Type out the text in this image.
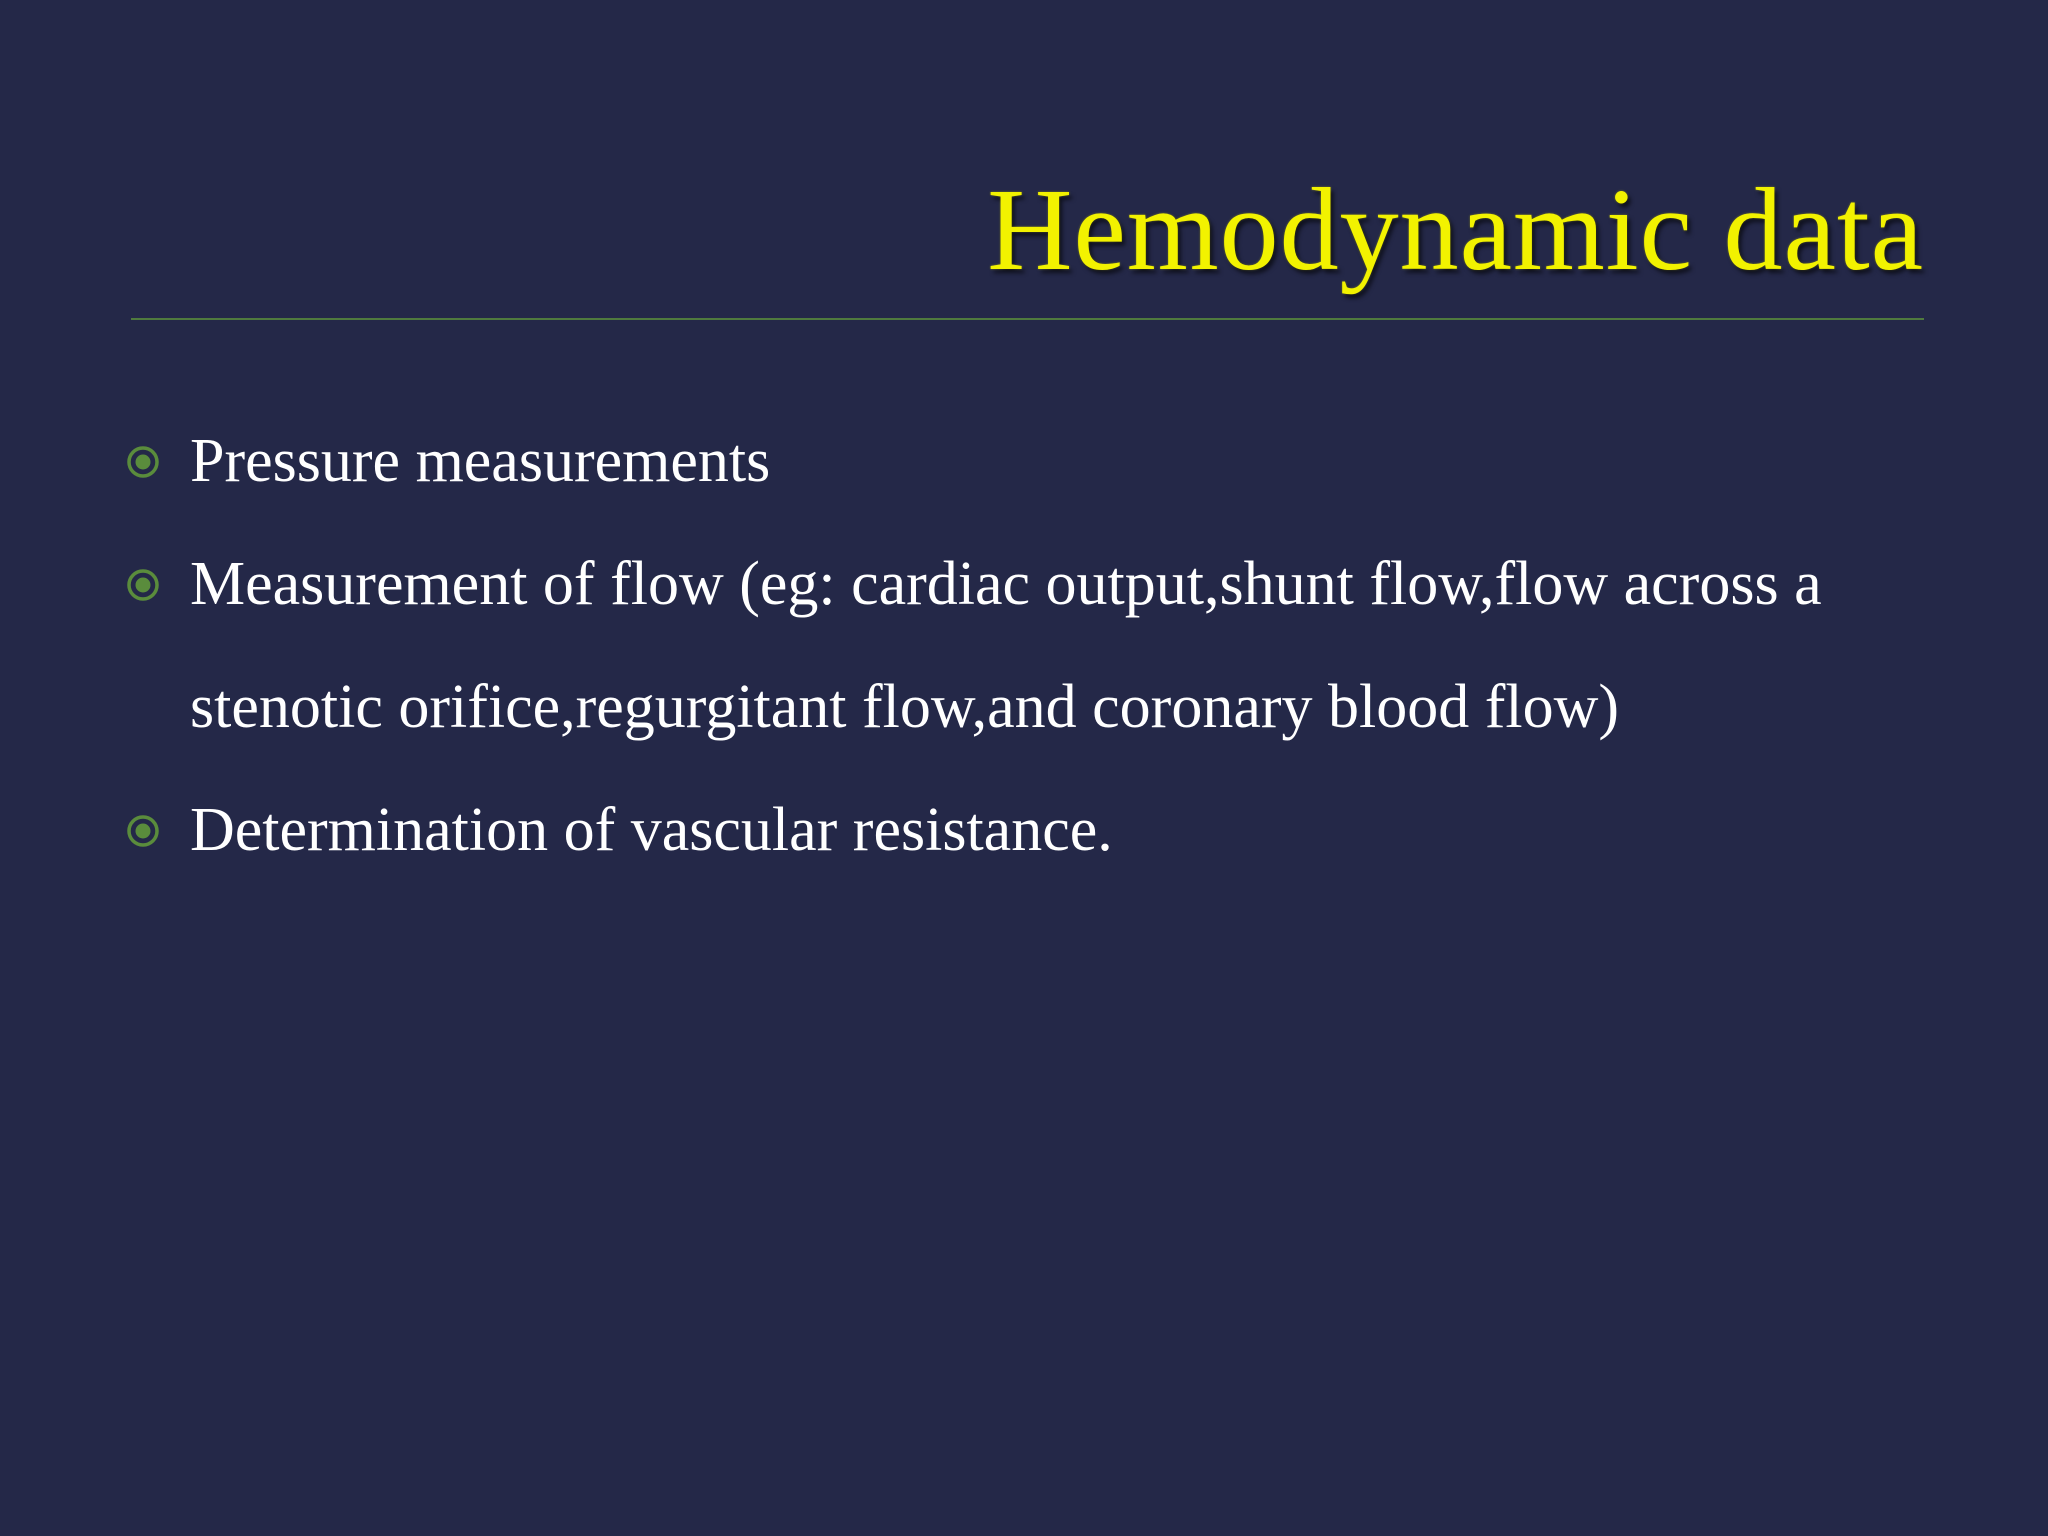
Hemodynamic data
Pressure measurements
Measurement of flow (eg: cardiac output,shunt flow,flow across a stenotic orifice,regurgitant flow,and coronary blood flow)
Determination of vascular resistance.
